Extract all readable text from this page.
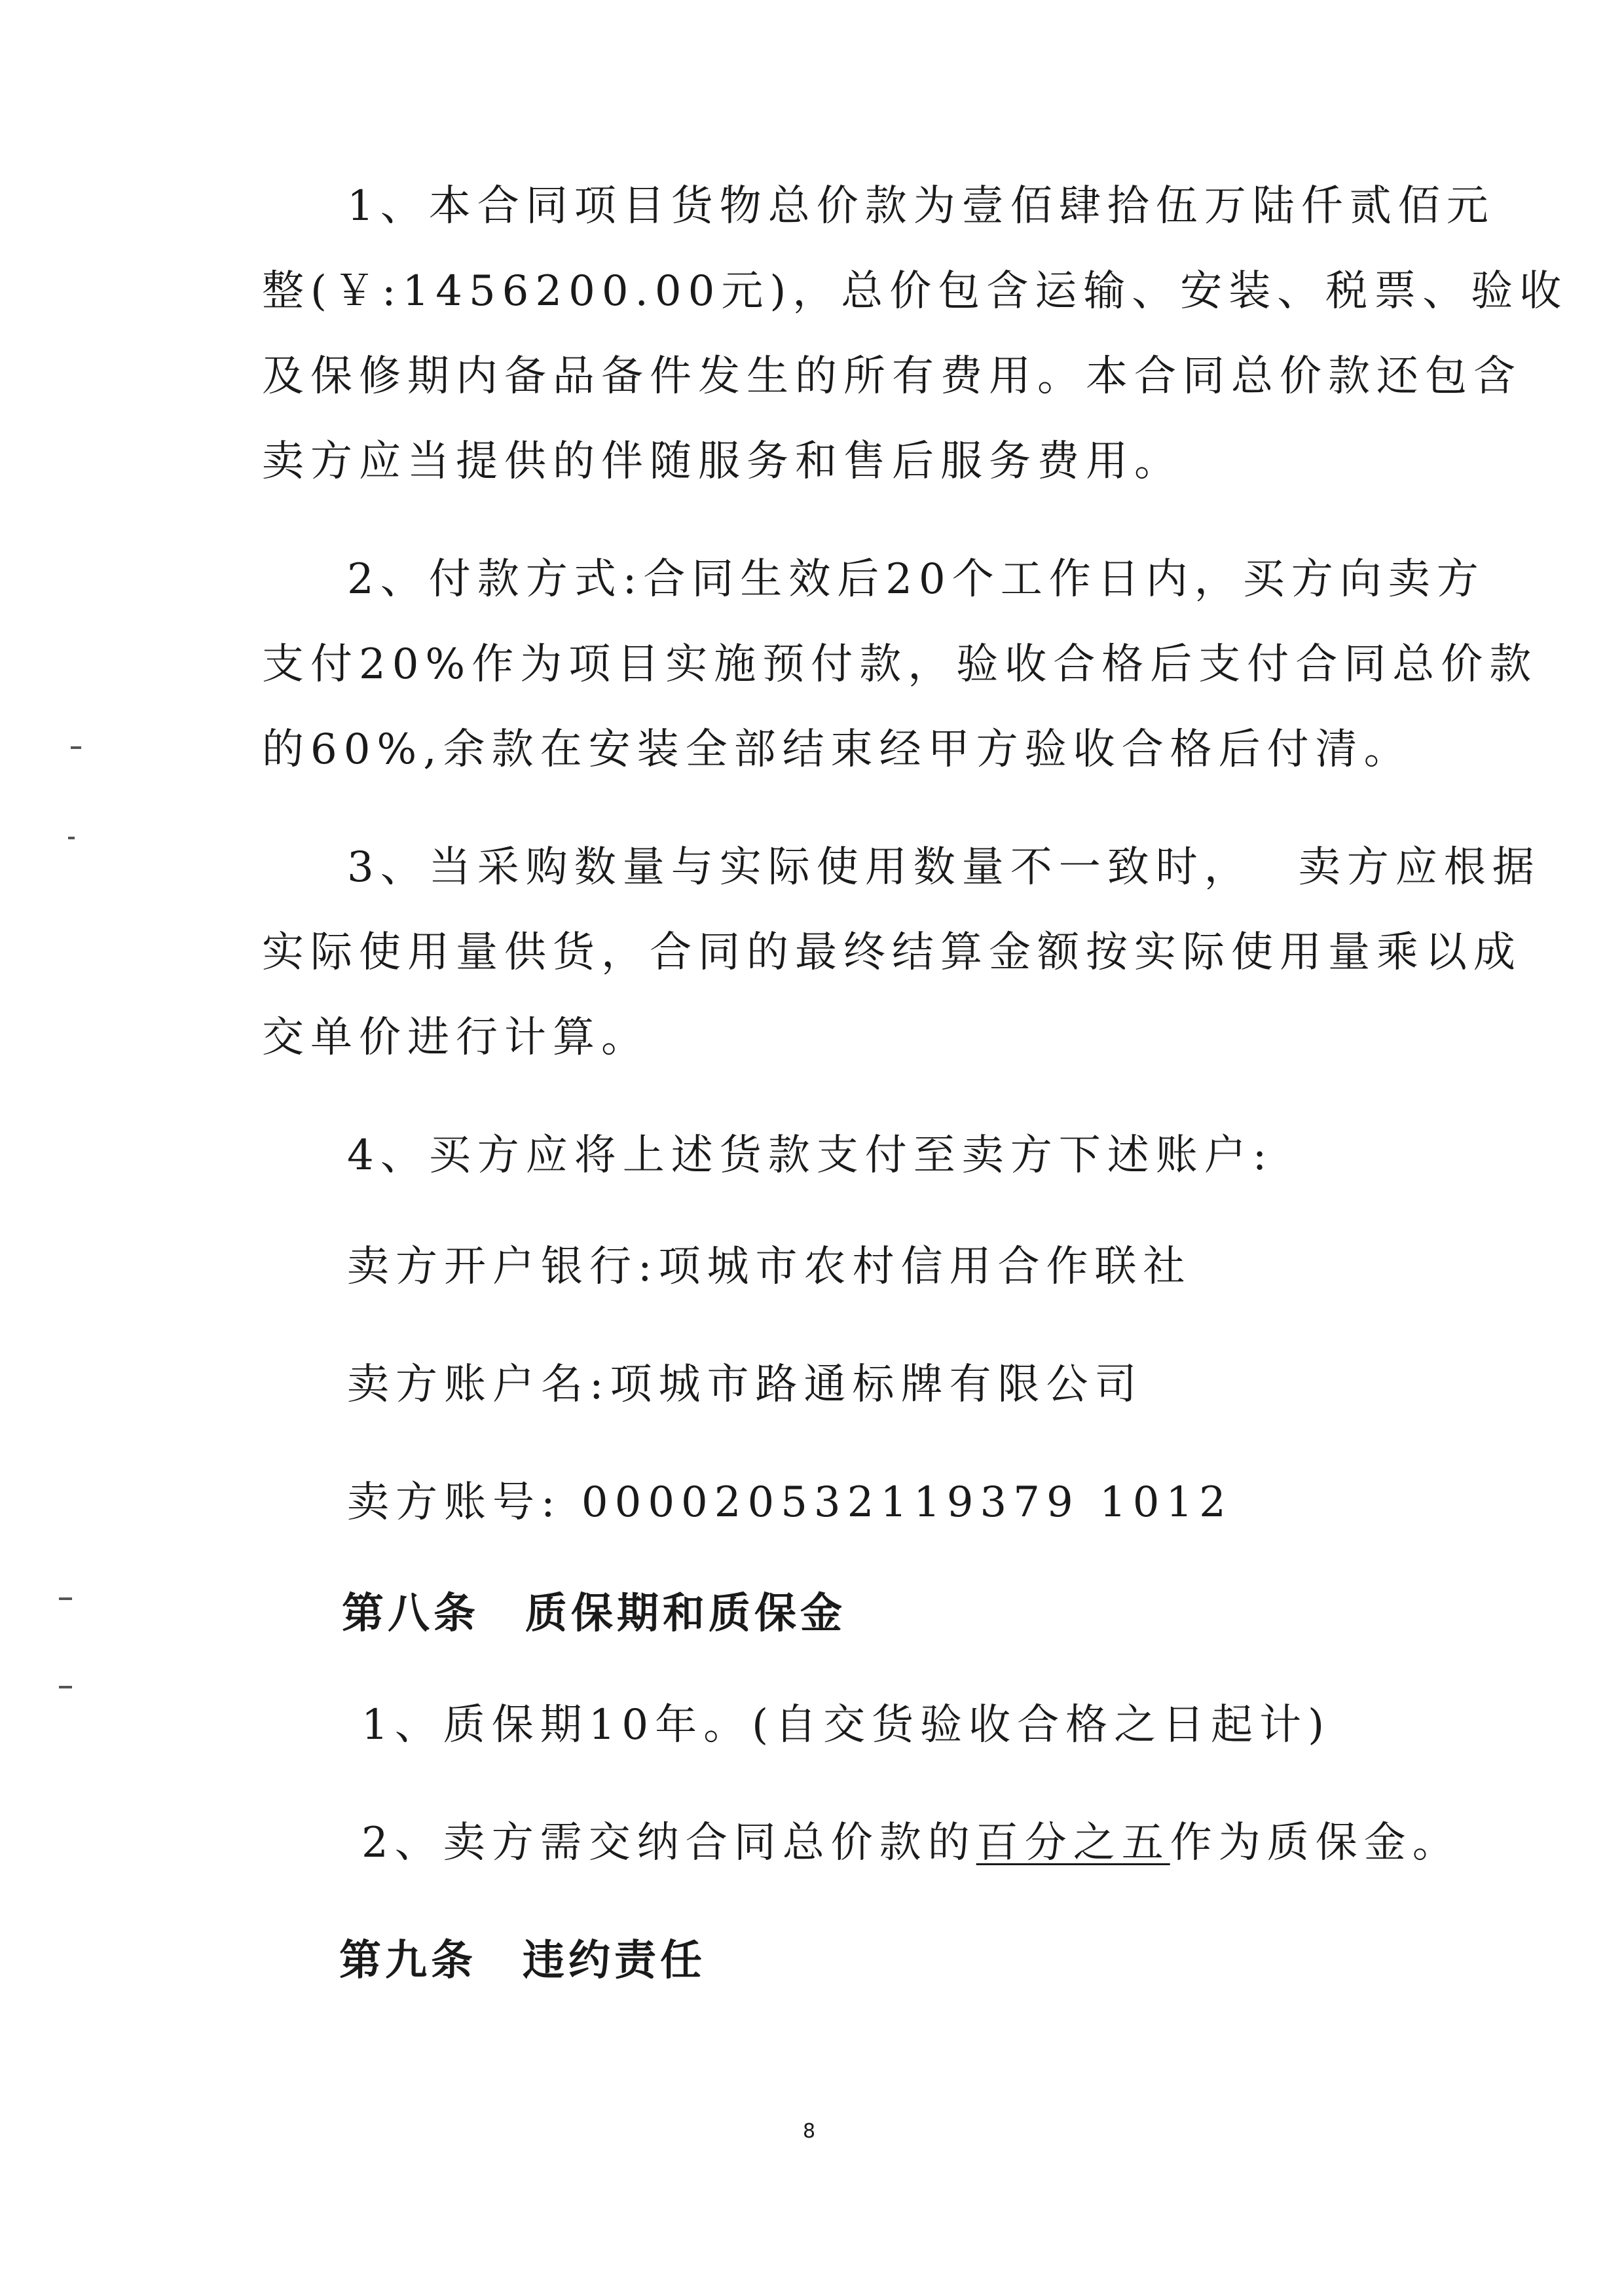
1、本合同项目货物总价款为壹佰肆拾伍万陆仟贰佰元
整(￥:1456200.00元)，总价包含运输、安装、税票、验收
及保修期内备品备件发生的所有费用。本合同总价款还包含
卖方应当提供的伴随服务和售后服务费用。
2、付款方式:合同生效后20个工作日内，买方向卖方
支付20%作为项目实施预付款，验收合格后支付合同总价款
的60%,余款在安装全部结束经甲方验收合格后付清。
3、当采购数量与实际使用数量不一致时， 卖方应根据
实际使用量供货，合同的最终结算金额按实际使用量乘以成
交单价进行计算。
4、买方应将上述货款支付至卖方下述账户:
卖方开户银行:项城市农村信用合作联社
卖方账户名:项城市路通标牌有限公司
卖方账号: 000020532119379 1012
第八条 质保期和质保金
1、质保期10年。(自交货验收合格之日起计)
2、卖方需交纳合同总价款的百分之五作为质保金。
第九条 违约责任
8
